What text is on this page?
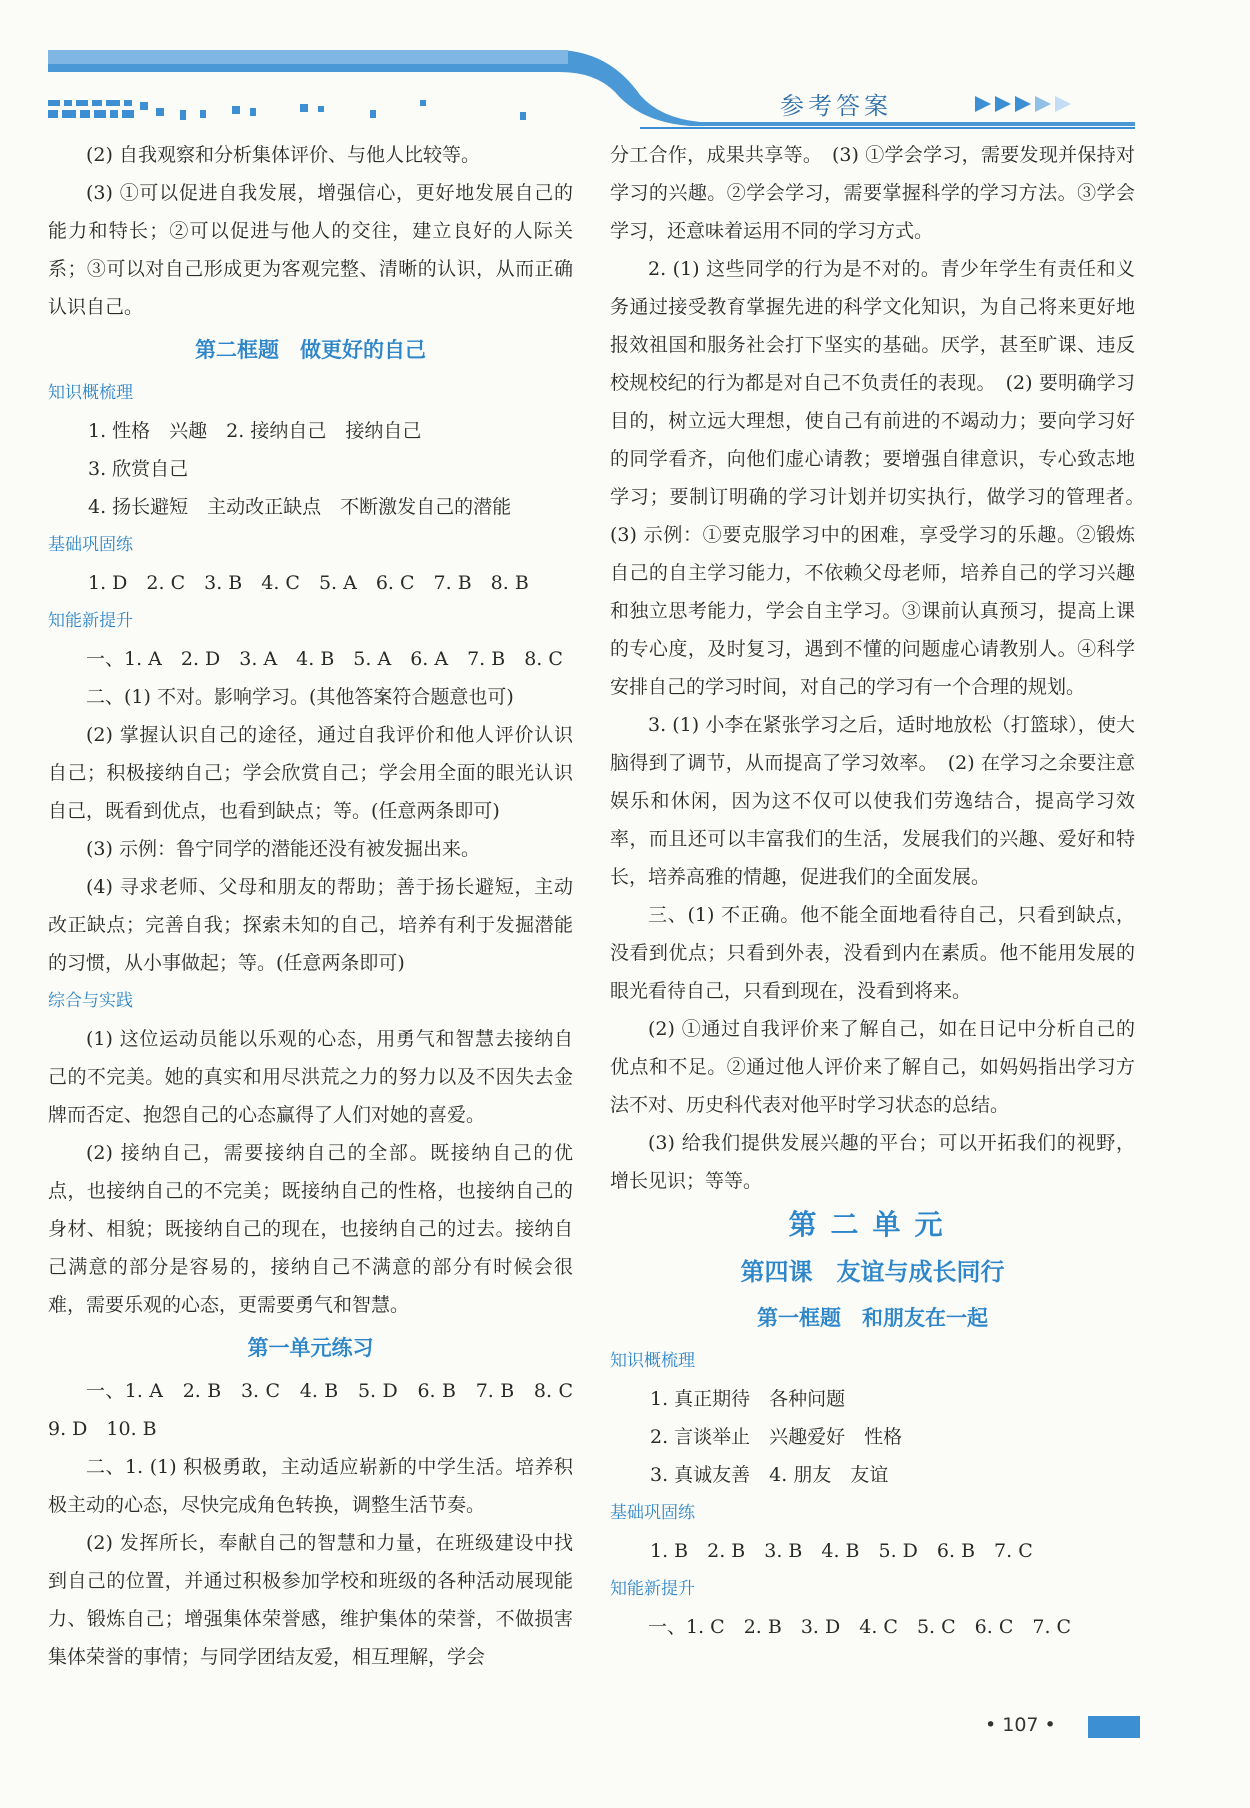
参考答案

(2) 自我观察和分析集体评价、与他人比较等。

(3) ①可以促进自我发展，增强信心，更好地发展自己的能力和特长；②可以促进与他人的交往，建立良好的人际关系；③可以对自己形成更为客观完整、清晰的认识，从而正确认识自己。

第二框题　做更好的自己
知识概梳理

1. 性格　兴趣　2. 接纳自己　接纳自己

3. 欣赏自己

4. 扬长避短　主动改正缺点　不断激发自己的潜能

基础巩固练

1. D　2. C　3. B　4. C　5. A　6. C　7. B　8. B

知能新提升

一、1. A　2. D　3. A　4. B　5. A　6. A　7. B　8. C

二、(1) 不对。影响学习。(其他答案符合题意也可)

(2) 掌握认识自己的途径，通过自我评价和他人评价认识自己；积极接纳自己；学会欣赏自己；学会用全面的眼光认识自己，既看到优点，也看到缺点；等。(任意两条即可)

(3) 示例：鲁宁同学的潜能还没有被发掘出来。

(4) 寻求老师、父母和朋友的帮助；善于扬长避短，主动改正缺点；完善自我；探索未知的自己，培养有利于发掘潜能的习惯，从小事做起；等。(任意两条即可)

综合与实践

(1) 这位运动员能以乐观的心态，用勇气和智慧去接纳自己的不完美。她的真实和用尽洪荒之力的努力以及不因失去金牌而否定、抱怨自己的心态赢得了人们对她的喜爱。

(2) 接纳自己，需要接纳自己的全部。既接纳自己的优点，也接纳自己的不完美；既接纳自己的性格，也接纳自己的身材、相貌；既接纳自己的现在，也接纳自己的过去。接纳自己满意的部分是容易的，接纳自己不满意的部分有时候会很难，需要乐观的心态，更需要勇气和智慧。

第一单元练习

一、1. A　2. B　3. C　4. B　5. D　6. B　7. B　8. C　9. D　10. B

二、1. (1) 积极勇敢，主动适应崭新的中学生活。培养积极主动的心态，尽快完成角色转换，调整生活节奏。

(2) 发挥所长，奉献自己的智慧和力量，在班级建设中找到自己的位置，并通过积极参加学校和班级的各种活动展现能力、锻炼自己；增强集体荣誉感，维护集体的荣誉，不做损害集体荣誉的事情；与同学团结友爱，相互理解，学会

分工合作，成果共享等。　(3) ①学会学习，需要发现并保持对学习的兴趣。②学会学习，需要掌握科学的学习方法。③学会学习，还意味着运用不同的学习方式。

2. (1) 这些同学的行为是不对的。青少年学生有责任和义务通过接受教育掌握先进的科学文化知识，为自己将来更好地报效祖国和服务社会打下坚实的基础。厌学，甚至旷课、违反校规校纪的行为都是对自己不负责任的表现。　(2) 要明确学习目的，树立远大理想，使自己有前进的不竭动力；要向学习好的同学看齐，向他们虚心请教；要增强自律意识，专心致志地学习；要制订明确的学习计划并切实执行，做学习的管理者。　(3) 示例：①要克服学习中的困难，享受学习的乐趣。②锻炼自己的自主学习能力，不依赖父母老师，培养自己的学习兴趣和独立思考能力，学会自主学习。③课前认真预习，提高上课的专心度，及时复习，遇到不懂的问题虚心请教别人。④科学安排自己的学习时间，对自己的学习有一个合理的规划。

3. (1) 小李在紧张学习之后，适时地放松（打篮球），使大脑得到了调节，从而提高了学习效率。　(2) 在学习之余要注意娱乐和休闲，因为这不仅可以使我们劳逸结合，提高学习效率，而且还可以丰富我们的生活，发展我们的兴趣、爱好和特长，培养高雅的情趣，促进我们的全面发展。

三、(1) 不正确。他不能全面地看待自己，只看到缺点，没看到优点；只看到外表，没看到内在素质。他不能用发展的眼光看待自己，只看到现在，没看到将来。

(2) ①通过自我评价来了解自己，如在日记中分析自己的优点和不足。②通过他人评价来了解自己，如妈妈指出学习方法不对、历史科代表对他平时学习状态的总结。

(3) 给我们提供发展兴趣的平台；可以开拓我们的视野，增长见识；等等。

第二单元
第四课　友谊与成长同行
第一框题　和朋友在一起
知识概梳理

1. 真正期待　各种问题

2. 言谈举止　兴趣爱好　性格

3. 真诚友善　4. 朋友　友谊

基础巩固练

1. B　2. B　3. B　4. B　5. D　6. B　7. C

知能新提升

一、1. C　2. B　3. D　4. C　5. C　6. C　7. C

• 107 •
